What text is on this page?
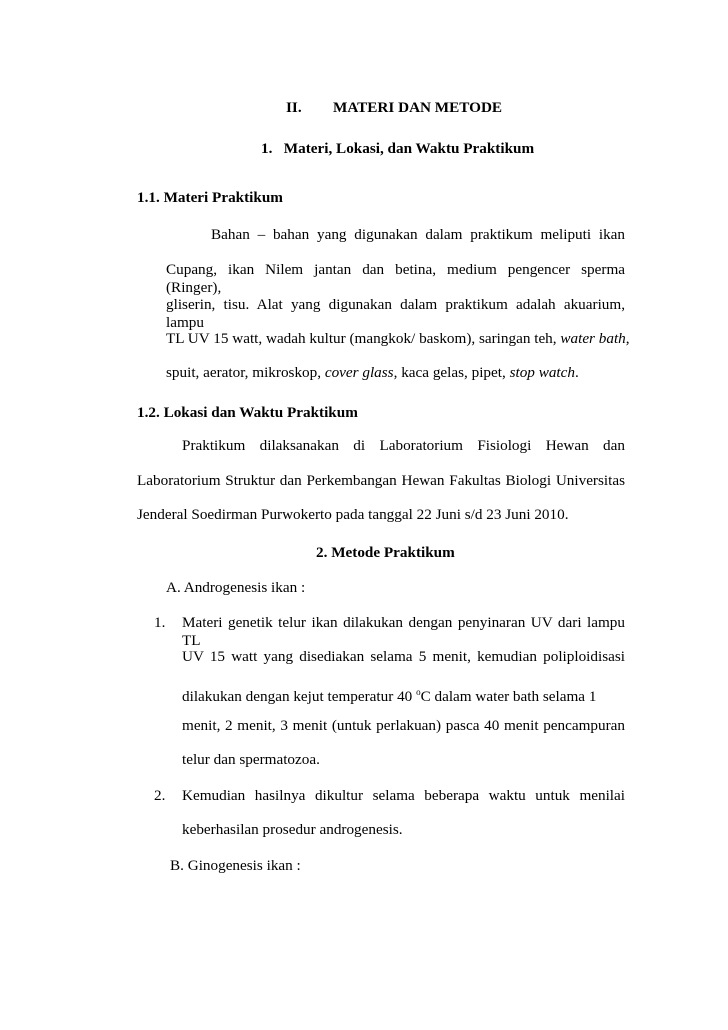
II. MATERI DAN METODE
1.   Materi, Lokasi, dan Waktu Praktikum
1.1. Materi Praktikum
Bahan – bahan yang digunakan dalam praktikum meliputi ikan
Cupang, ikan Nilem jantan dan betina, medium pengencer sperma (Ringer),
gliserin, tisu. Alat yang digunakan dalam praktikum adalah akuarium, lampu
TL UV 15 watt, wadah kultur (mangkok/ baskom), saringan teh, water bath,
spuit, aerator, mikroskop, cover glass, kaca gelas, pipet, stop watch.
1.2. Lokasi dan Waktu Praktikum
Praktikum dilaksanakan di Laboratorium Fisiologi Hewan dan
Laboratorium Struktur dan Perkembangan Hewan Fakultas Biologi Universitas
Jenderal Soedirman Purwokerto pada tanggal 22 Juni s/d 23 Juni 2010.
2. Metode Praktikum
A. Androgenesis ikan :
1. Materi genetik telur ikan dilakukan dengan penyinaran UV dari lampu TL
UV 15 watt yang disediakan selama 5 menit, kemudian poliploidisasi
dilakukan dengan kejut temperatur 40 $^o$C dalam water bath selama 1
menit, 2 menit, 3 menit (untuk perlakuan) pasca 40 menit pencampuran
telur dan spermatozoa.
2. Kemudian hasilnya dikultur selama beberapa waktu untuk menilai
keberhasilan prosedur androgenesis.
B. Ginogenesis ikan :
